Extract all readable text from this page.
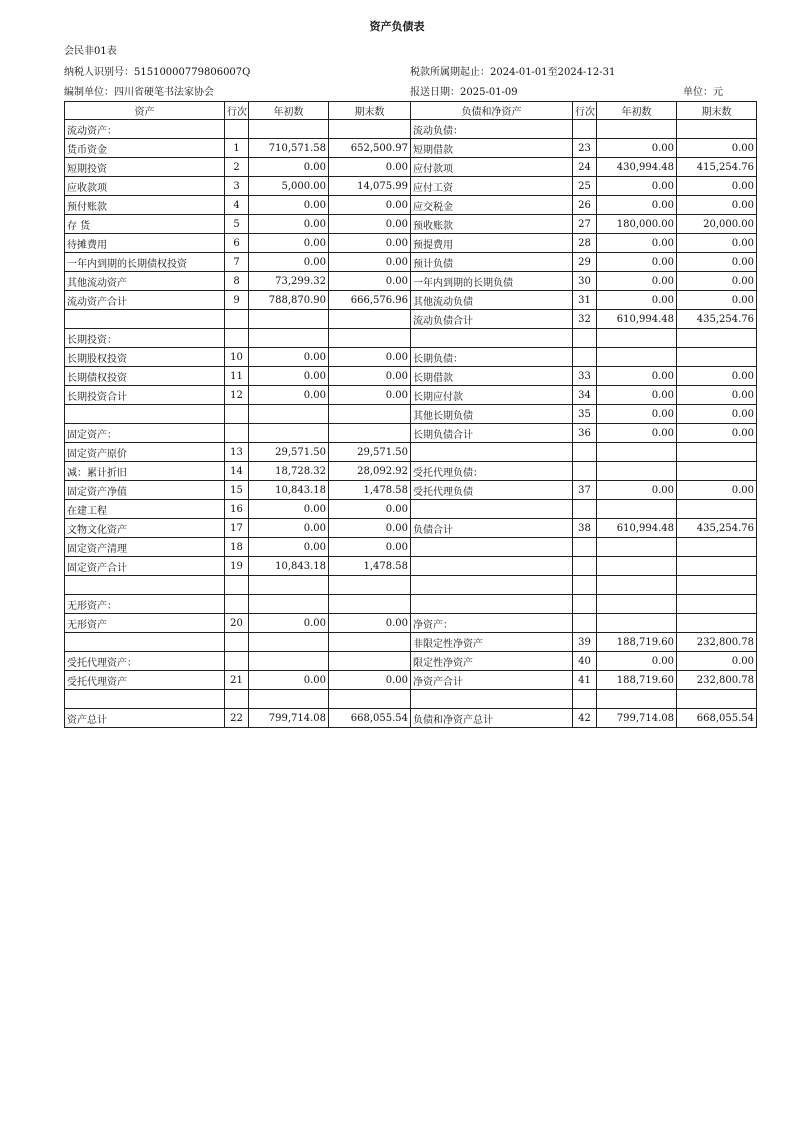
资产负债表
会民非01表
纳税人识别号：51510000779806007Q	税款所属期起止：2024-01-01至2024-12-31
编制单位：四川省硬笔书法家协会	报送日期：2025-01-09	单位：元
资产	行次	年初数	期末数	负债和净资产	行次	年初数	期末数
流动资产：				流动负债：			
货币资金	1	710,571.58	652,500.97	短期借款	23	0.00	0.00
短期投资	2	0.00	0.00	应付款项	24	430,994.48	415,254.76
应收款项	3	5,000.00	14,075.99	应付工资	25	0.00	0.00
预付账款	4	0.00	0.00	应交税金	26	0.00	0.00
存 货	5	0.00	0.00	预收账款	27	180,000.00	20,000.00
待摊费用	6	0.00	0.00	预提费用	28	0.00	0.00
一年内到期的长期债权投资	7	0.00	0.00	预计负债	29	0.00	0.00
其他流动资产	8	73,299.32	0.00	一年内到期的长期负债	30	0.00	0.00
流动资产合计	9	788,870.90	666,576.96	其他流动负债	31	0.00	0.00
				流动负债合计	32	610,994.48	435,254.76
长期投资：							
长期股权投资	10	0.00	0.00	长期负债：			
长期债权投资	11	0.00	0.00	长期借款	33	0.00	0.00
长期投资合计	12	0.00	0.00	长期应付款	34	0.00	0.00
				其他长期负债	35	0.00	0.00
固定资产：				长期负债合计	36	0.00	0.00
固定资产原价	13	29,571.50	29,571.50				
减：累计折旧	14	18,728.32	28,092.92	受托代理负债：			
固定资产净值	15	10,843.18	1,478.58	受托代理负债	37	0.00	0.00
在建工程	16	0.00	0.00				
文物文化资产	17	0.00	0.00	负债合计	38	610,994.48	435,254.76
固定资产清理	18	0.00	0.00				
固定资产合计	19	10,843.18	1,478.58				

无形资产：							
无形资产	20	0.00	0.00	净资产：			
				非限定性净资产	39	188,719.60	232,800.78
受托代理资产：				限定性净资产	40	0.00	0.00
受托代理资产	21	0.00	0.00	净资产合计	41	188,719.60	232,800.78

资产总计	22	799,714.08	668,055.54	负债和净资产总计	42	799,714.08	668,055.54
